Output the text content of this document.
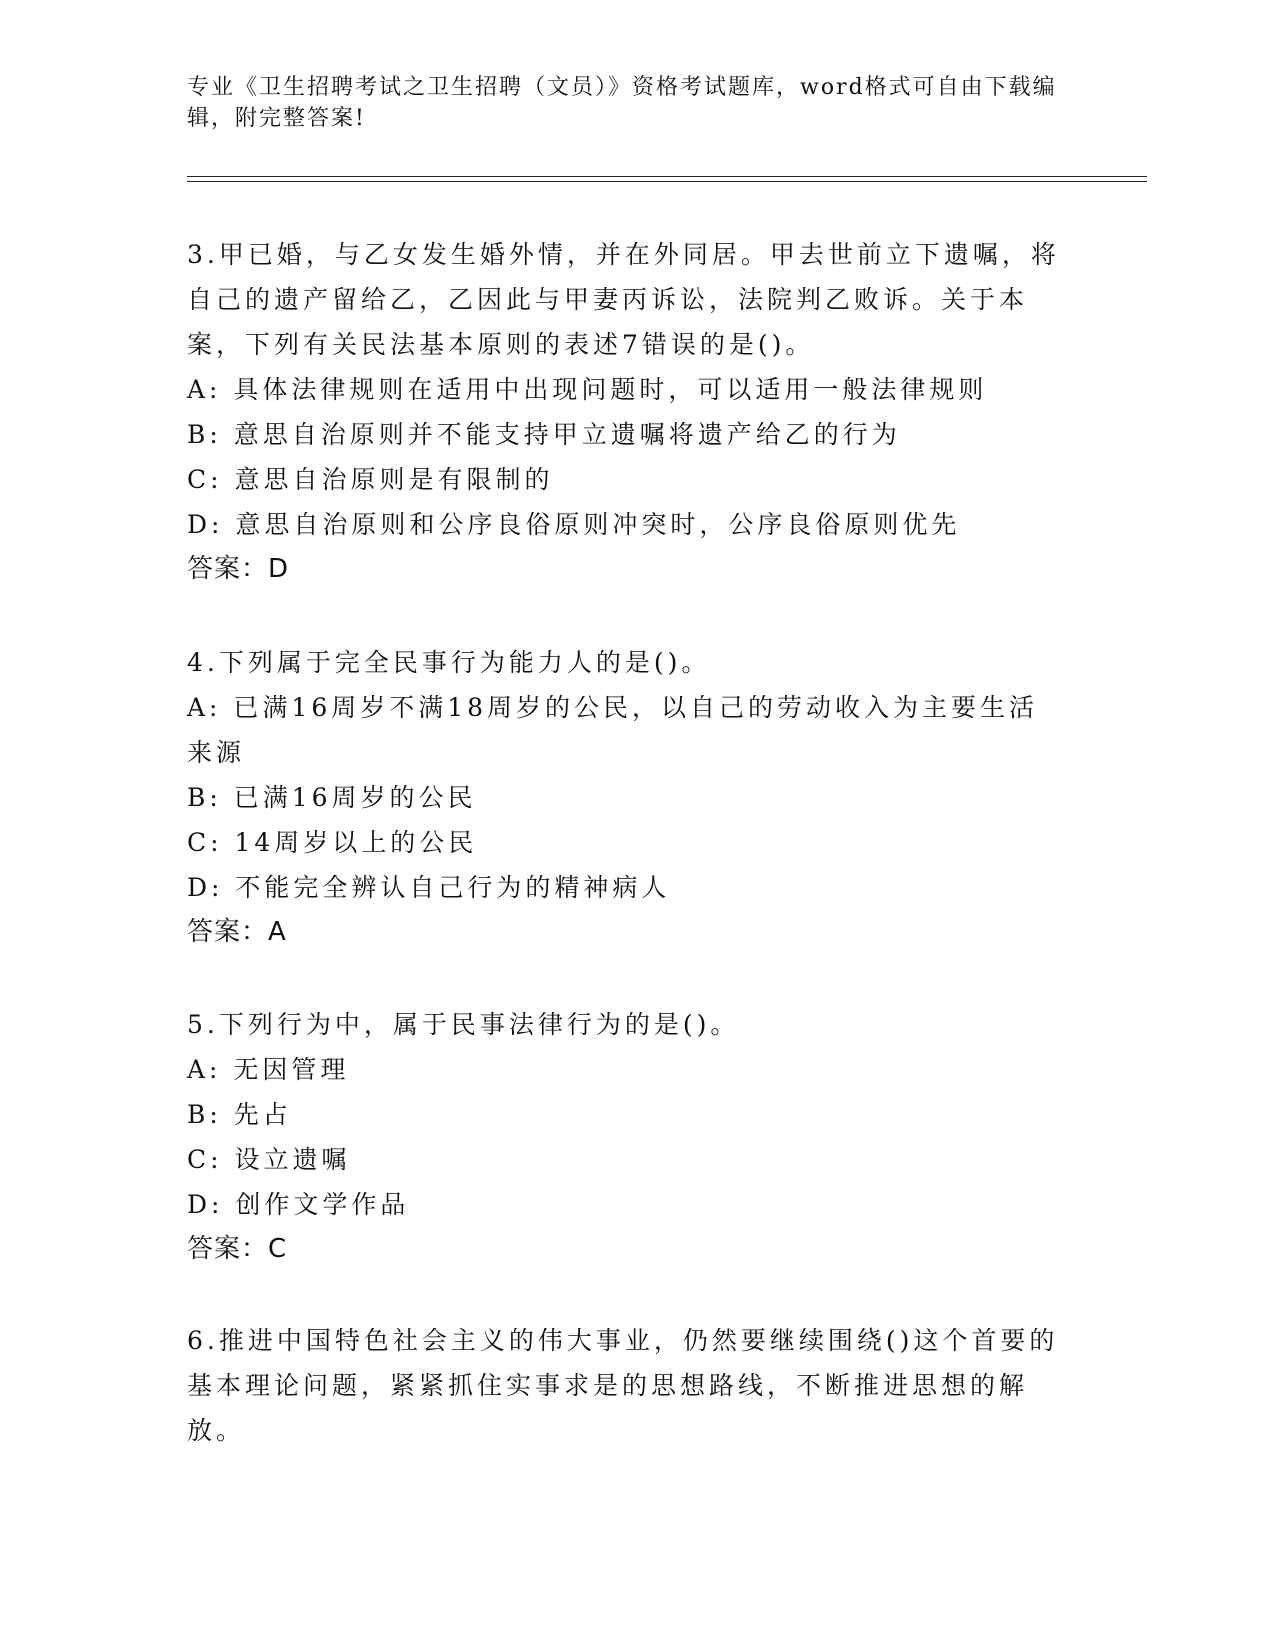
专业《卫生招聘考试之卫生招聘（文员）》资格考试题库，word格式可自由下载编辑，附完整答案!

3.甲已婚，与乙女发生婚外情，并在外同居。甲去世前立下遗嘱，将自己的遗产留给乙，乙因此与甲妻丙诉讼，法院判乙败诉。关于本案，下列有关民法基本原则的表述7错误的是()。

A: 具体法律规则在适用中出现问题时，可以适用一般法律规则

B: 意思自治原则并不能支持甲立遗嘱将遗产给乙的行为

C: 意思自治原则是有限制的

D: 意思自治原则和公序良俗原则冲突时，公序良俗原则优先

答案：D

4.下列属于完全民事行为能力人的是()。

A: 已满16周岁不满18周岁的公民，以自己的劳动收入为主要生活来源

B: 已满16周岁的公民

C: 14周岁以上的公民

D: 不能完全辨认自己行为的精神病人

答案：A

5.下列行为中，属于民事法律行为的是()。

A: 无因管理

B: 先占

C: 设立遗嘱

D: 创作文学作品

答案：C

6.推进中国特色社会主义的伟大事业，仍然要继续围绕()这个首要的基本理论问题，紧紧抓住实事求是的思想路线，不断推进思想的解放。
